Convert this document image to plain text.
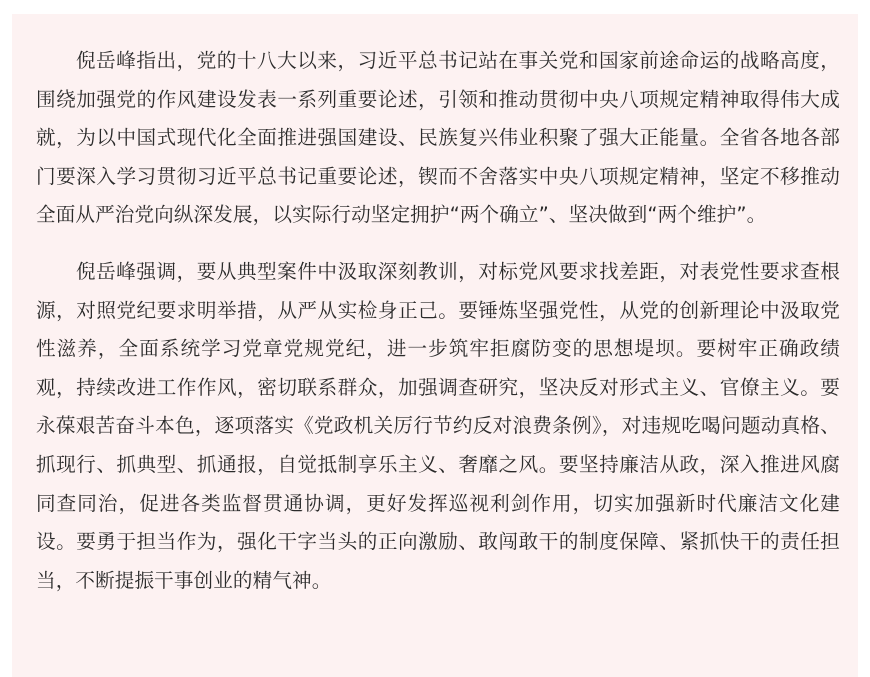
倪岳峰指出，党的十八大以来，习近平总书记站在事关党和国家前途命运的战略高度，围绕加强党的作风建设发表一系列重要论述，引领和推动贯彻中央八项规定精神取得伟大成就，为以中国式现代化全面推进强国建设、民族复兴伟业积聚了强大正能量。全省各地各部门要深入学习贯彻习近平总书记重要论述，锲而不舍落实中央八项规定精神，坚定不移推动全面从严治党向纵深发展，以实际行动坚定拥护“两个确立”、坚决做到“两个维护”。

倪岳峰强调，要从典型案件中汲取深刻教训，对标党风要求找差距，对表党性要求查根源，对照党纪要求明举措，从严从实检身正己。要锤炼坚强党性，从党的创新理论中汲取党性滋养，全面系统学习党章党规党纪，进一步筑牢拒腐防变的思想堤坝。要树牢正确政绩观，持续改进工作作风，密切联系群众，加强调查研究，坚决反对形式主义、官僚主义。要永葆艰苦奋斗本色，逐项落实《党政机关厉行节约反对浪费条例》，对违规吃喝问题动真格、抓现行、抓典型、抓通报，自觉抵制享乐主义、奢靡之风。要坚持廉洁从政，深入推进风腐同查同治，促进各类监督贯通协调，更好发挥巡视利剑作用，切实加强新时代廉洁文化建设。要勇于担当作为，强化干字当头的正向激励、敢闯敢干的制度保障、紧抓快干的责任担当，不断提振干事创业的精气神。
